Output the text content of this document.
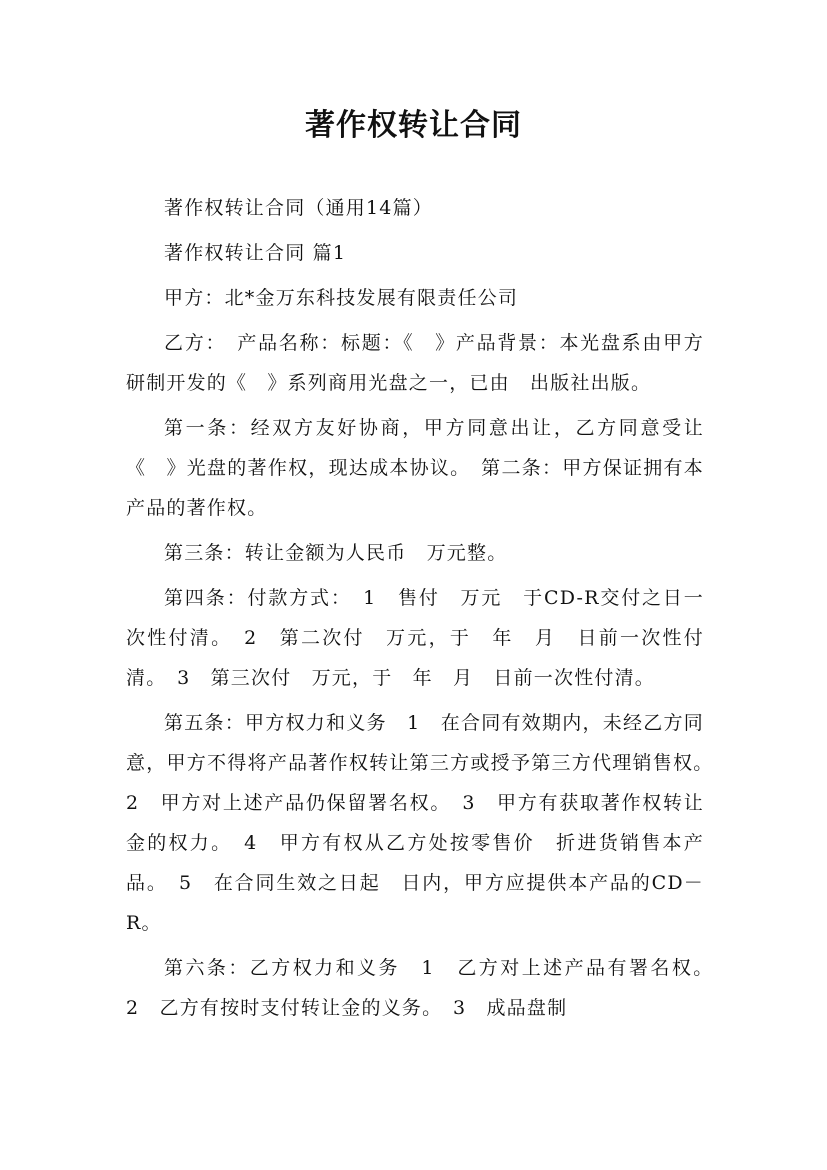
著作权转让合同

著作权转让合同（通用14篇）

著作权转让合同 篇1

甲方：北*金万东科技发展有限责任公司

乙方：　产品名称：标题：《　》产品背景：本光盘系由甲方研制开发的《　》系列商用光盘之一，已由　出版社出版。

第一条：经双方友好协商，甲方同意出让，乙方同意受让《　》光盘的著作权，现达成本协议。　第二条：甲方保证拥有本产品的著作权。

第三条：转让金额为人民币　万元整。

第四条：付款方式：　1　售付　万元　于CD-R交付之日一次性付清。　2　第二次付　万元，于　年　月　日前一次性付清。　3　第三次付　万元，于　年　月　日前一次性付清。

第五条：甲方权力和义务　1　在合同有效期内，未经乙方同意，甲方不得将产品著作权转让第三方或授予第三方代理销售权。　2　甲方对上述产品仍保留署名权。　3　甲方有获取著作权转让金的权力。　4　甲方有权从乙方处按零售价　折进货销售本产品。　5　在合同生效之日起　日内，甲方应提供本产品的CD－R。

第六条：乙方权力和义务　1　乙方对上述产品有署名权。　2　乙方有按时支付转让金的义务。　3　成品盘制
